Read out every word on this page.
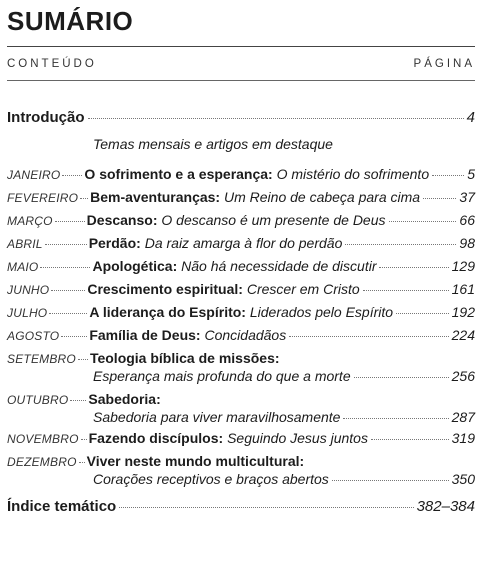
SUMÁRIO
CONTEÚDO	PÁGINA
Introdução	4
Temas mensais e artigos em destaque
JANEIRO O sofrimento e a esperança:
O mistério do sofrimento	5
FEVEREIRO Bem-aventuranças:
Um Reino de cabeça para cima	37
MARÇO Descanso:
O descanso é um presente de Deus	66
ABRIL	Perdão:
Da raiz amarga à flor do perdão	98
MAIO	Apologética:
Não há necessidade de discutir	129
JUNHO	Crescimento espiritual:
Crescer em Cristo	161
JULHO	A liderança do Espírito:
Liderados pelo Espírito	192
AGOSTO Família de Deus:
Concidadãos	224
SETEMBRO Teologia bíblica de missões:
Esperança mais profunda do que a morte	256
OUTUBRO Sabedoria:
Sabedoria para viver maravilhosamente	287
NOVEMBRO Fazendo discípulos:
Seguindo Jesus juntos	319
DEZEMBRO Viver neste mundo multicultural:
Corações receptivos e braços abertos	350
Índice temático	382–384
